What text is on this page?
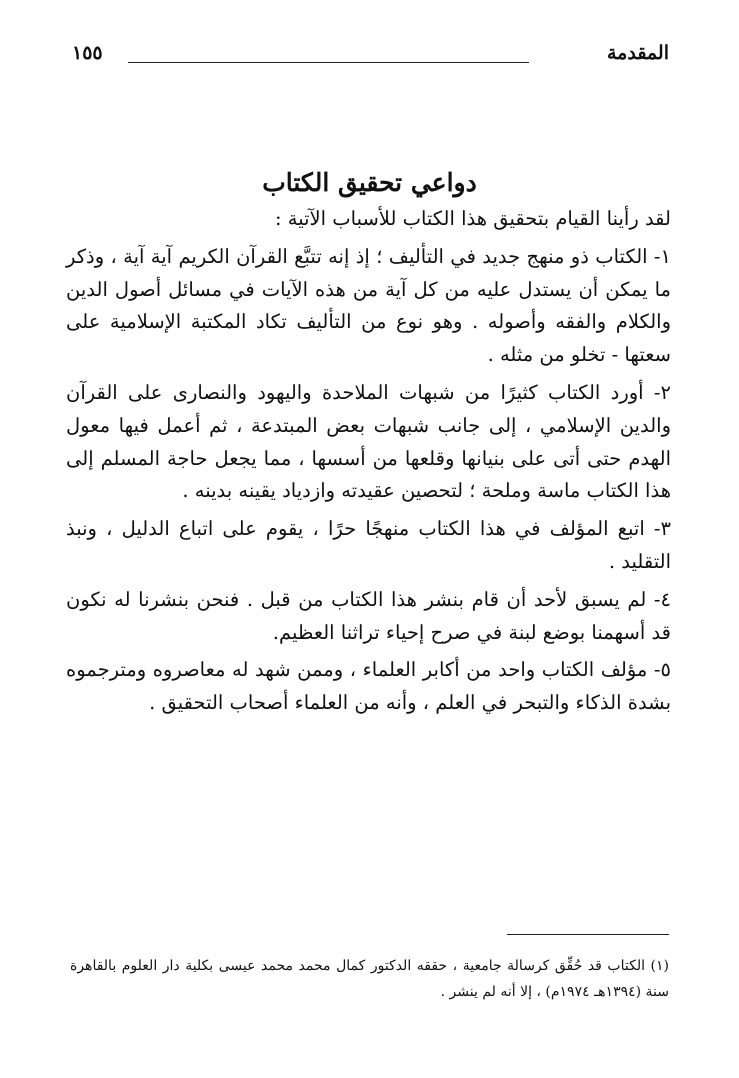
المقدمة
١٥٥
دواعي تحقيق الكتاب

لقد رأينا القيام بتحقيق هذا الكتاب للأسباب الآتية :

١- الكتاب ذو منهج جديد في التأليف ؛ إذ إنه تتبَّع القرآن الكريم آية آية ، وذكر ما يمكن أن يستدل عليه من كل آية من هذه الآيات في مسائل أصول الدين والكلام والفقه وأصوله . وهو نوع من التأليف تكاد المكتبة الإسلامية على سعتها - تخلو من مثله .

٢- أورد الكتاب كثيرًا من شبهات الملاحدة واليهود والنصارى على القرآن والدين الإسلامي ، إلى جانب شبهات بعض المبتدعة ، ثم أعمل فيها معول الهدم حتى أتى على بنيانها وقلعها من أسسها ، مما يجعل حاجة المسلم إلى هذا الكتاب ماسة وملحة ؛ لتحصين عقيدته وازدياد يقينه بدينه .

٣- اتبع المؤلف في هذا الكتاب منهجًا حرًا ، يقوم على اتباع الدليل ، ونبذ التقليد .

٤- لم يسبق لأحد أن قام بنشر هذا الكتاب من قبل . فنحن بنشرنا له نكون قد أسهمنا بوضع لبنة في صرح إحياء تراثنا العظيم.

٥- مؤلف الكتاب واحد من أكابر العلماء ، وممن شهد له معاصروه ومترجموه بشدة الذكاء والتبحر في العلم ، وأنه من العلماء أصحاب التحقيق .

(١) الكتاب قد حُقِّق كرسالة جامعية ، حققه الدكتور كمال محمد محمد عيسى بكلية دار العلوم بالقاهرة سنة (١٣٩٤هـ ١٩٧٤م) ، إلا أنه لم ينشر .
